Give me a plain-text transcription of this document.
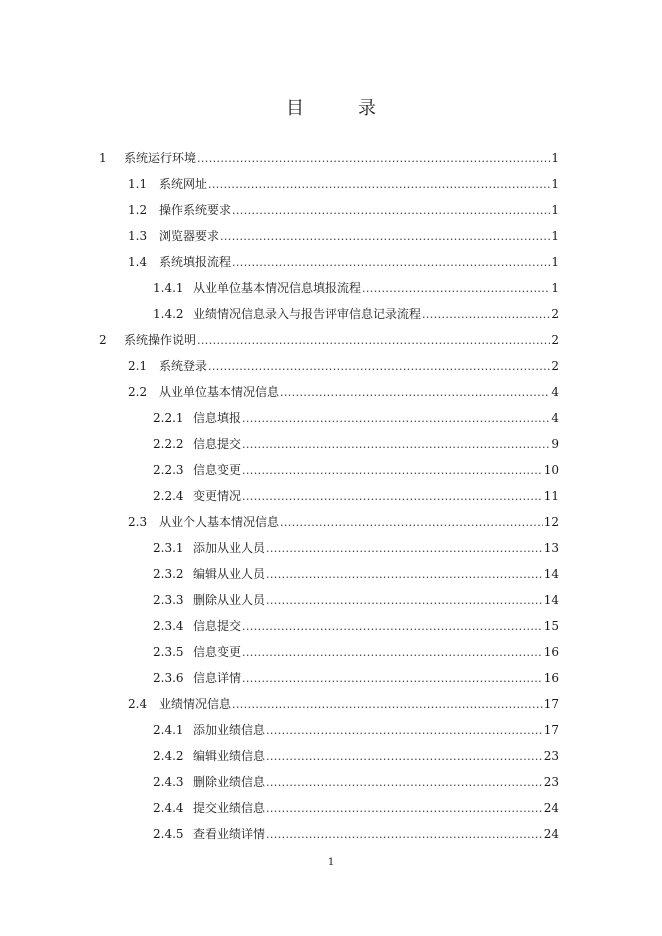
目　录
1 系统运行环境 .....	1
1.1 系统网址 .....	1
1.2 操作系统要求 .....	1
1.3 浏览器要求 .....	1
1.4 系统填报流程 .....	1
1.4.1 从业单位基本情况信息填报流程 .....	1
1.4.2 业绩情况信息录入与报告评审信息记录流程 .....	2
2 系统操作说明 .....	2
2.1 系统登录 .....	2
2.2 从业单位基本情况信息 .....	4
2.2.1 信息填报 .....	4
2.2.2 信息提交 .....	9
2.2.3 信息变更 .....	10
2.2.4 变更情况 .....	11
2.3 从业个人基本情况信息 .....	12
2.3.1 添加从业人员 .....	13
2.3.2 编辑从业人员 .....	14
2.3.3 删除从业人员 .....	14
2.3.4 信息提交 .....	15
2.3.5 信息变更 .....	16
2.3.6 信息详情 .....	16
2.4 业绩情况信息 .....	17
2.4.1 添加业绩信息 .....	17
2.4.2 编辑业绩信息 .....	23
2.4.3 删除业绩信息 .....	23
2.4.4 提交业绩信息 .....	24
2.4.5 查看业绩详情 .....	24
1
